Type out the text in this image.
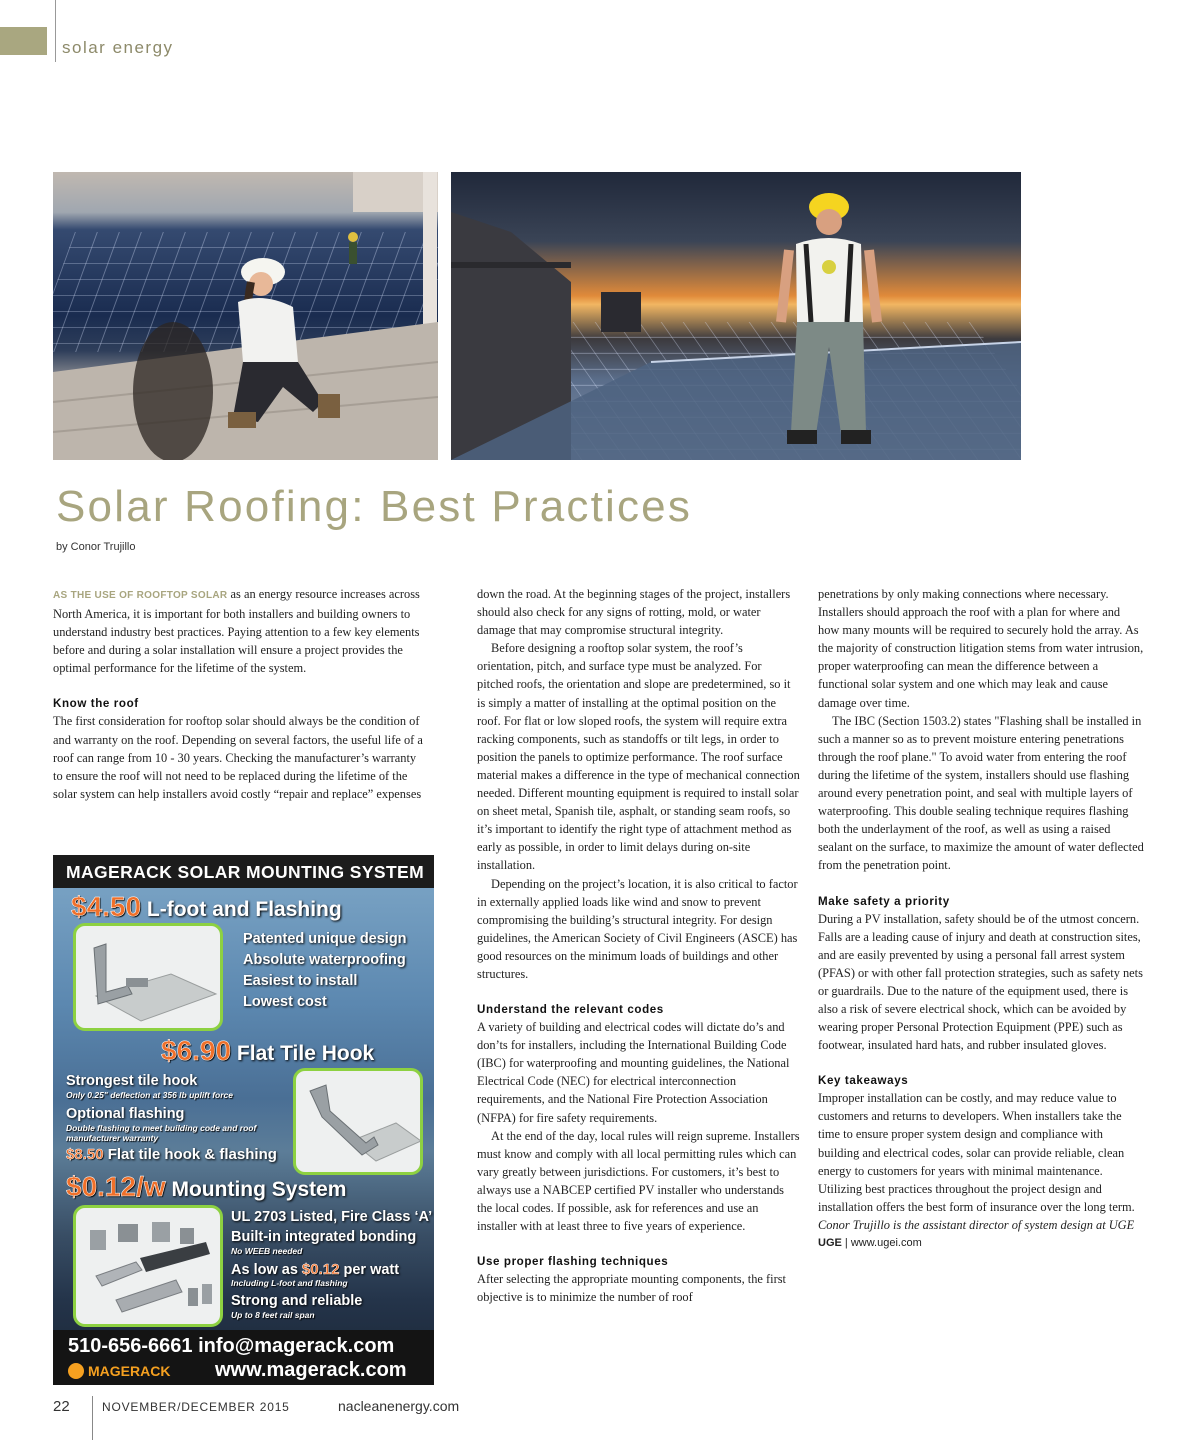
solar energy
Solar Roofing: Best Practices
by Conor Trujillo

AS THE USE OF ROOFTOP SOLAR as an energy resource increases across North America, it is important for both installers and building owners to understand industry best practices. Paying attention to a few key elements before and during a solar installation will ensure a project provides the optimal performance for the lifetime of the system.

Know the roof

The first consideration for rooftop solar should always be the condition of and warranty on the roof. Depending on several factors, the useful life of a roof can range from 10 - 30 years. Checking the manufacturer’s warranty to ensure the roof will not need to be replaced during the lifetime of the solar system can help installers avoid costly “repair and replace” expenses

MAGERACK SOLAR MOUNTING SYSTEM
$4.50 L-foot and Flashing
Patented unique design
Absolute waterproofing
Easiest to install
Lowest cost
$6.90 Flat Tile Hook
Strongest tile hook
Only 0.25" deflection at 356 lb uplift force
Optional flashing
Double flashing to meet building code and roof manufacturer warranty
$8.50 Flat tile hook & flashing
$0.12/w Mounting System
UL 2703 Listed, Fire Class ‘A’
Built-in integrated bonding
No WEEB needed
As low as $0.12 per watt
Including L-foot and flashing
Strong and reliable
Up to 8 feet rail span
510-656-6661 info@magerack.com
MAGERACK www.magerack.com

down the road. At the beginning stages of the project, installers should also check for any signs of rotting, mold, or water damage that may compromise structural integrity.

Before designing a rooftop solar system, the roof’s orientation, pitch, and surface type must be analyzed. For pitched roofs, the orientation and slope are predetermined, so it is simply a matter of installing at the optimal position on the roof. For flat or low sloped roofs, the system will require extra racking components, such as standoffs or tilt legs, in order to position the panels to optimize performance. The roof surface material makes a difference in the type of mechanical connection needed. Different mounting equipment is required to install solar on sheet metal, Spanish tile, asphalt, or standing seam roofs, so it’s important to identify the right type of attachment method as early as possible, in order to limit delays during on-site installation.

Depending on the project’s location, it is also critical to factor in externally applied loads like wind and snow to prevent compromising the building’s structural integrity. For design guidelines, the American Society of Civil Engineers (ASCE) has good resources on the minimum loads of buildings and other structures.

Understand the relevant codes

A variety of building and electrical codes will dictate do’s and don’ts for installers, including the International Building Code (IBC) for waterproofing and mounting guidelines, the National Electrical Code (NEC) for electrical interconnection requirements, and the National Fire Protection Association (NFPA) for fire safety requirements.

At the end of the day, local rules will reign supreme. Installers must know and comply with all local permitting rules which can vary greatly between jurisdictions. For customers, it’s best to always use a NABCEP certified PV installer who understands the local codes. If possible, ask for references and use an installer with at least three to five years of experience.

Use proper flashing techniques

After selecting the appropriate mounting components, the first objective is to minimize the number of roof

penetrations by only making connections where necessary. Installers should approach the roof with a plan for where and how many mounts will be required to securely hold the array. As the majority of construction litigation stems from water intrusion, proper waterproofing can mean the difference between a functional solar system and one which may leak and cause damage over time.

The IBC (Section 1503.2) states "Flashing shall be installed in such a manner so as to prevent moisture entering penetrations through the roof plane." To avoid water from entering the roof during the lifetime of the system, installers should use flashing around every penetration point, and seal with multiple layers of waterproofing. This double sealing technique requires flashing both the underlayment of the roof, as well as using a raised sealant on the surface, to maximize the amount of water deflected from the penetration point.

Make safety a priority

During a PV installation, safety should be of the utmost concern. Falls are a leading cause of injury and death at construction sites, and are easily prevented by using a personal fall arrest system (PFAS) or with other fall protection strategies, such as safety nets or guardrails. Due to the nature of the equipment used, there is also a risk of severe electrical shock, which can be avoided by wearing proper Personal Protection Equipment (PPE) such as footwear, insulated hard hats, and rubber insulated gloves.

Key takeaways

Improper installation can be costly, and may reduce value to customers and returns to developers. When installers take the time to ensure proper system design and compliance with building and electrical codes, solar can provide reliable, clean energy to customers for years with minimal maintenance. Utilizing best practices throughout the project design and installation offers the best form of insurance over the long term.

Conor Trujillo is the assistant director of system design at UGE

UGE | www.ugei.com

22	NOVEMBER/DECEMBER 2015	nacleanenergy.com
